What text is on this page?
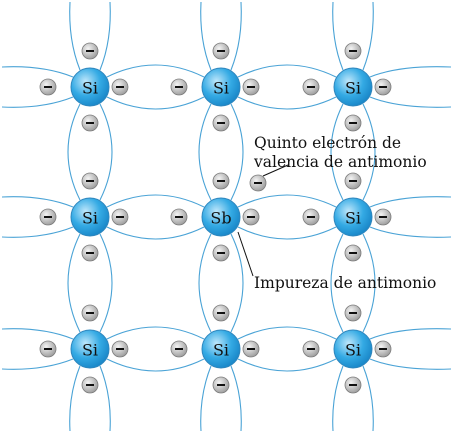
Si	Si	Si
Si	Sb	Si
Si	Si	Si
Quinto electrón de
valencia de antimonio
Impureza de antimonio
